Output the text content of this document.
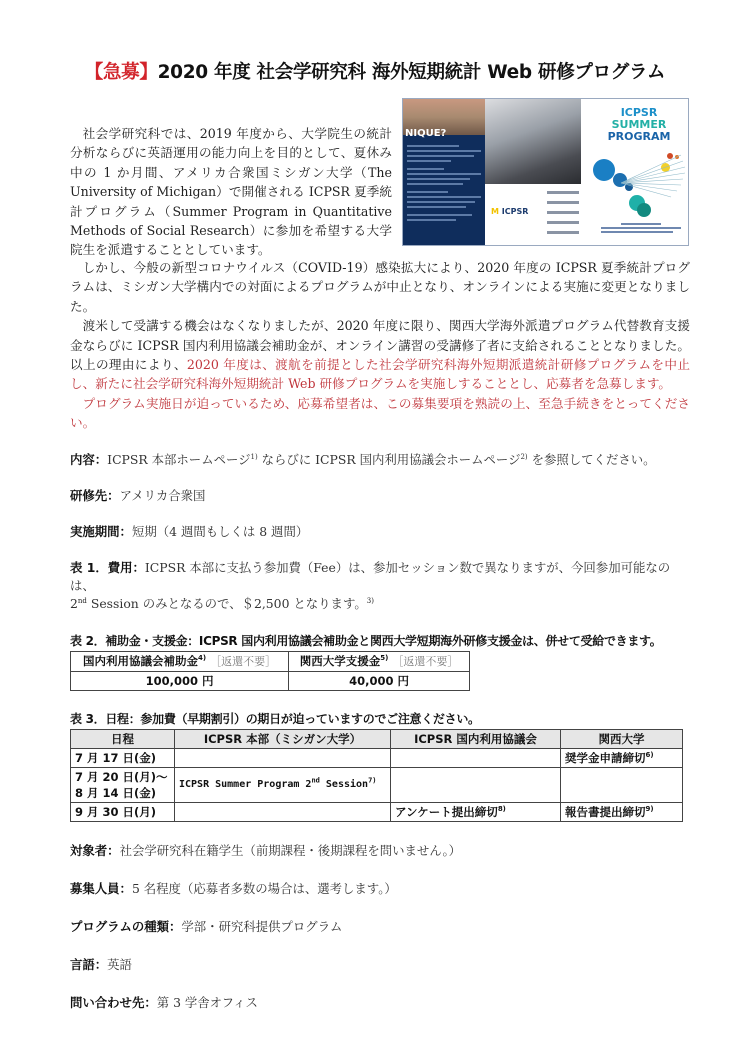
【急募】2020 年度 社会学研究科 海外短期統計 Web 研修プログラム

社会学研究科では、2019 年度から、大学院生の統計分析ならびに英語運用の能力向上を目的として、夏休み中の 1 か月間、アメリカ合衆国ミシガン大学（The University of Michigan）で開催される ICPSR 夏季統計プログラム（Summer Program in Quantitative Methods of Social Research）に参加を希望する大学院生を派遣することとしています。

NIQUE?
M ICPSR
ICPSR
SUMMER
PROGRAM

しかし、今般の新型コロナウイルス（COVID-19）感染拡大により、2020 年度の ICPSR 夏季統計プログラムは、ミシガン大学構内での対面によるプログラムが中止となり、オンラインによる実施に変更となりました。

渡米して受講する機会はなくなりましたが、2020 年度に限り、関西大学海外派遣プログラム代替教育支援金ならびに ICPSR 国内利用協議会補助金が、オンライン講習の受講修了者に支給されることとなりました。以上の理由により、2020 年度は、渡航を前提とした社会学研究科海外短期派遣統計研修プログラムを中止し、新たに社会学研究科海外短期統計 Web 研修プログラムを実施しすることとし、応募者を急募します。

プログラム実施日が迫っているため、応募希望者は、この募集要項を熟読の上、至急手続きをとってください。

内容：ICPSR 本部ホームページ$^{1)}$ ならびに ICPSR 国内利用協議会ホームページ$^{2)}$ を参照してください。
研修先：アメリカ合衆国
実施期間：短期（4 週間もしくは 8 週間）
表 1．費用：ICPSR 本部に支払う参加費（Fee）は、参加セッション数で異なりますが、今回参加可能なのは、
2nd Session のみとなるので、＄2,500 となります。$^{3)}$
表 2．補助金・支援金：ICPSR 国内利用協議会補助金と関西大学短期海外研修支援金は、併せて受給できます。
国内利用協議会補助金$^{4)}$ ［返還不要］	関西大学支援金$^{5)}$ ［返還不要］
100,000 円	40,000 円
表 3．日程：参加費（早期割引）の期日が迫っていますのでご注意ください。
日程	ICPSR 本部（ミシガン大学）	ICPSR 国内利用協議会	関西大学
7 月 17 日(金)			奨学金申請締切$^{6)}$
7 月 20 日(月)～
8 月 14 日(金)	ICPSR Summer Program 2nd Session$^{7)}$		
9 月 30 日(月)		アンケート提出締切$^{8)}$	報告書提出締切$^{9)}$
対象者：社会学研究科在籍学生（前期課程・後期課程を問いません。）
募集人員：5 名程度（応募者多数の場合は、選考します。）
プログラムの種類：学部・研究科提供プログラム
言語：英語
問い合わせ先：第 3 学舎オフィス
